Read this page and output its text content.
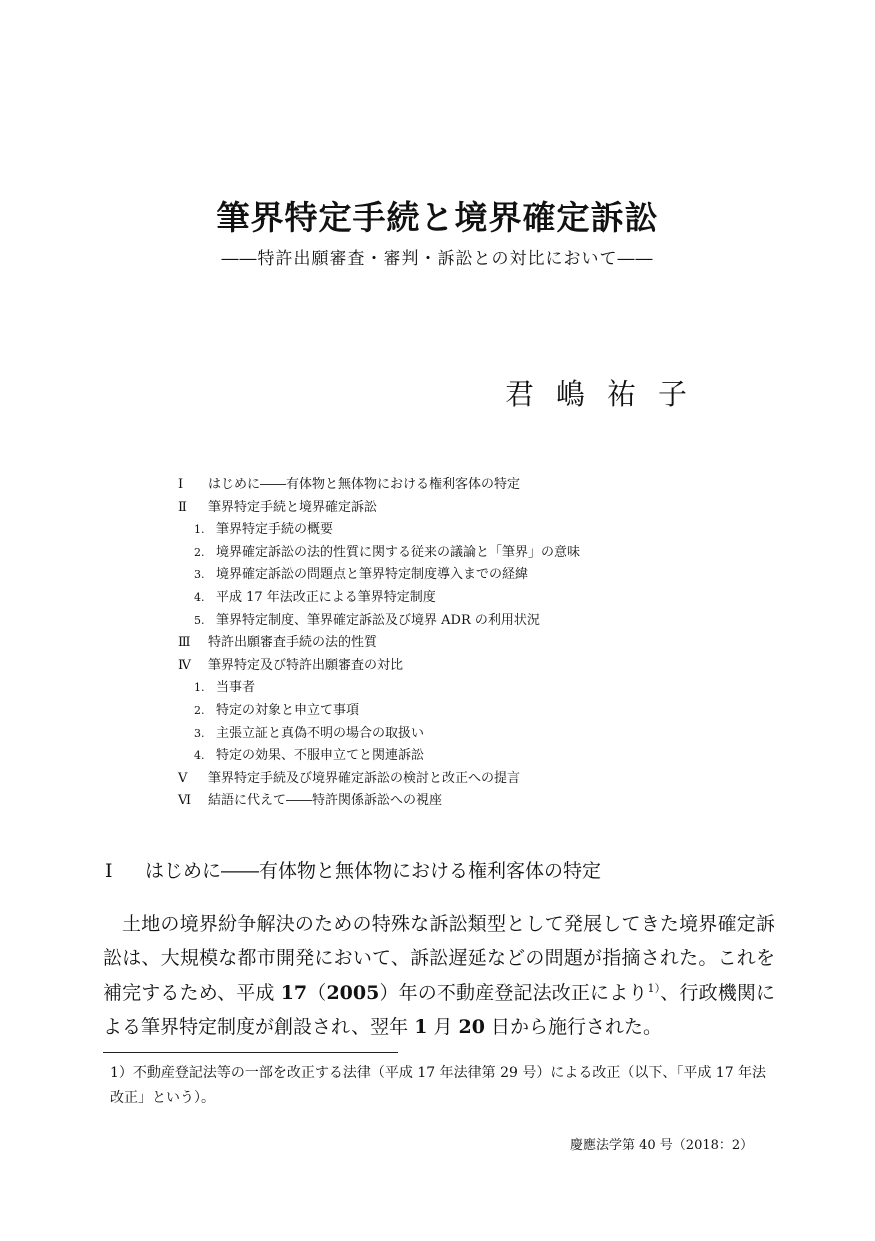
筆界特定手続と境界確定訴訟
――特許出願審査・審判・訴訟との対比において――
君嶋祐子
Ⅰ はじめに――有体物と無体物における権利客体の特定
Ⅱ 筆界特定手続と境界確定訴訟
1. 筆界特定手続の概要
2. 境界確定訴訟の法的性質に関する従来の議論と「筆界」の意味
3. 境界確定訴訟の問題点と筆界特定制度導入までの経緯
4. 平成 17 年法改正による筆界特定制度
5. 筆界特定制度、筆界確定訴訟及び境界 ADR の利用状況
Ⅲ 特許出願審査手続の法的性質
Ⅳ 筆界特定及び特許出願審査の対比
1. 当事者
2. 特定の対象と申立て事項
3. 主張立証と真偽不明の場合の取扱い
4. 特定の効果、不服申立てと関連訴訟
Ⅴ 筆界特定手続及び境界確定訴訟の検討と改正への提言
Ⅵ 結語に代えて――特許関係訴訟への視座
Ⅰ はじめに――有体物と無体物における権利客体の特定
土地の境界紛争解決のための特殊な訴訟類型として発展してきた境界確定訴訟は、大規模な都市開発において、訴訟遅延などの問題が指摘された。これを補完するため、平成 17（2005）年の不動産登記法改正により$^{1)}$、行政機関による筆界特定制度が創設され、翌年 1 月 20 日から施行された。
1）不動産登記法等の一部を改正する法律（平成 17 年法律第 29 号）による改正（以下、「平成 17 年法改正」という）。
慶應法学第 40 号（2018：2）
